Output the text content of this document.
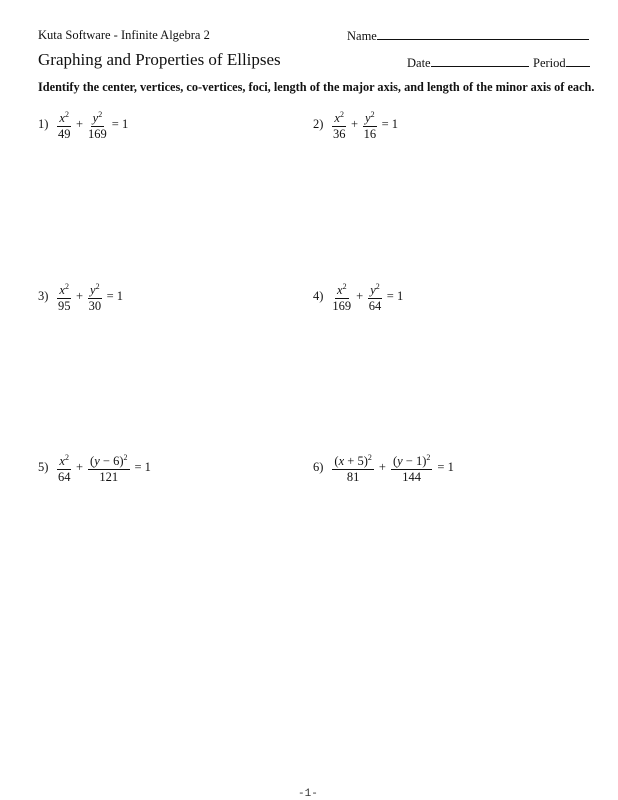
Kuta Software - Infinite Algebra 2	Name
Graphing and Properties of Ellipses	Date	Period
Identify the center, vertices, co-vertices, foci, length of the major axis, and length of the minor axis of each.
$1) \frac{x^2}{49} + \frac{y^2}{169} = 1$	$2) \frac{x^2}{36} + \frac{y^2}{16} = 1$
$3) \frac{x^2}{95} + \frac{y^2}{30} = 1$	$4) \frac{x^2}{169} + \frac{y^2}{64} = 1$
$5) \frac{x^2}{64} + \frac{(y - 6)^2}{121} = 1$	$6) \frac{(x + 5)^2}{81} + \frac{(y - 1)^2}{144} = 1$
-1-
